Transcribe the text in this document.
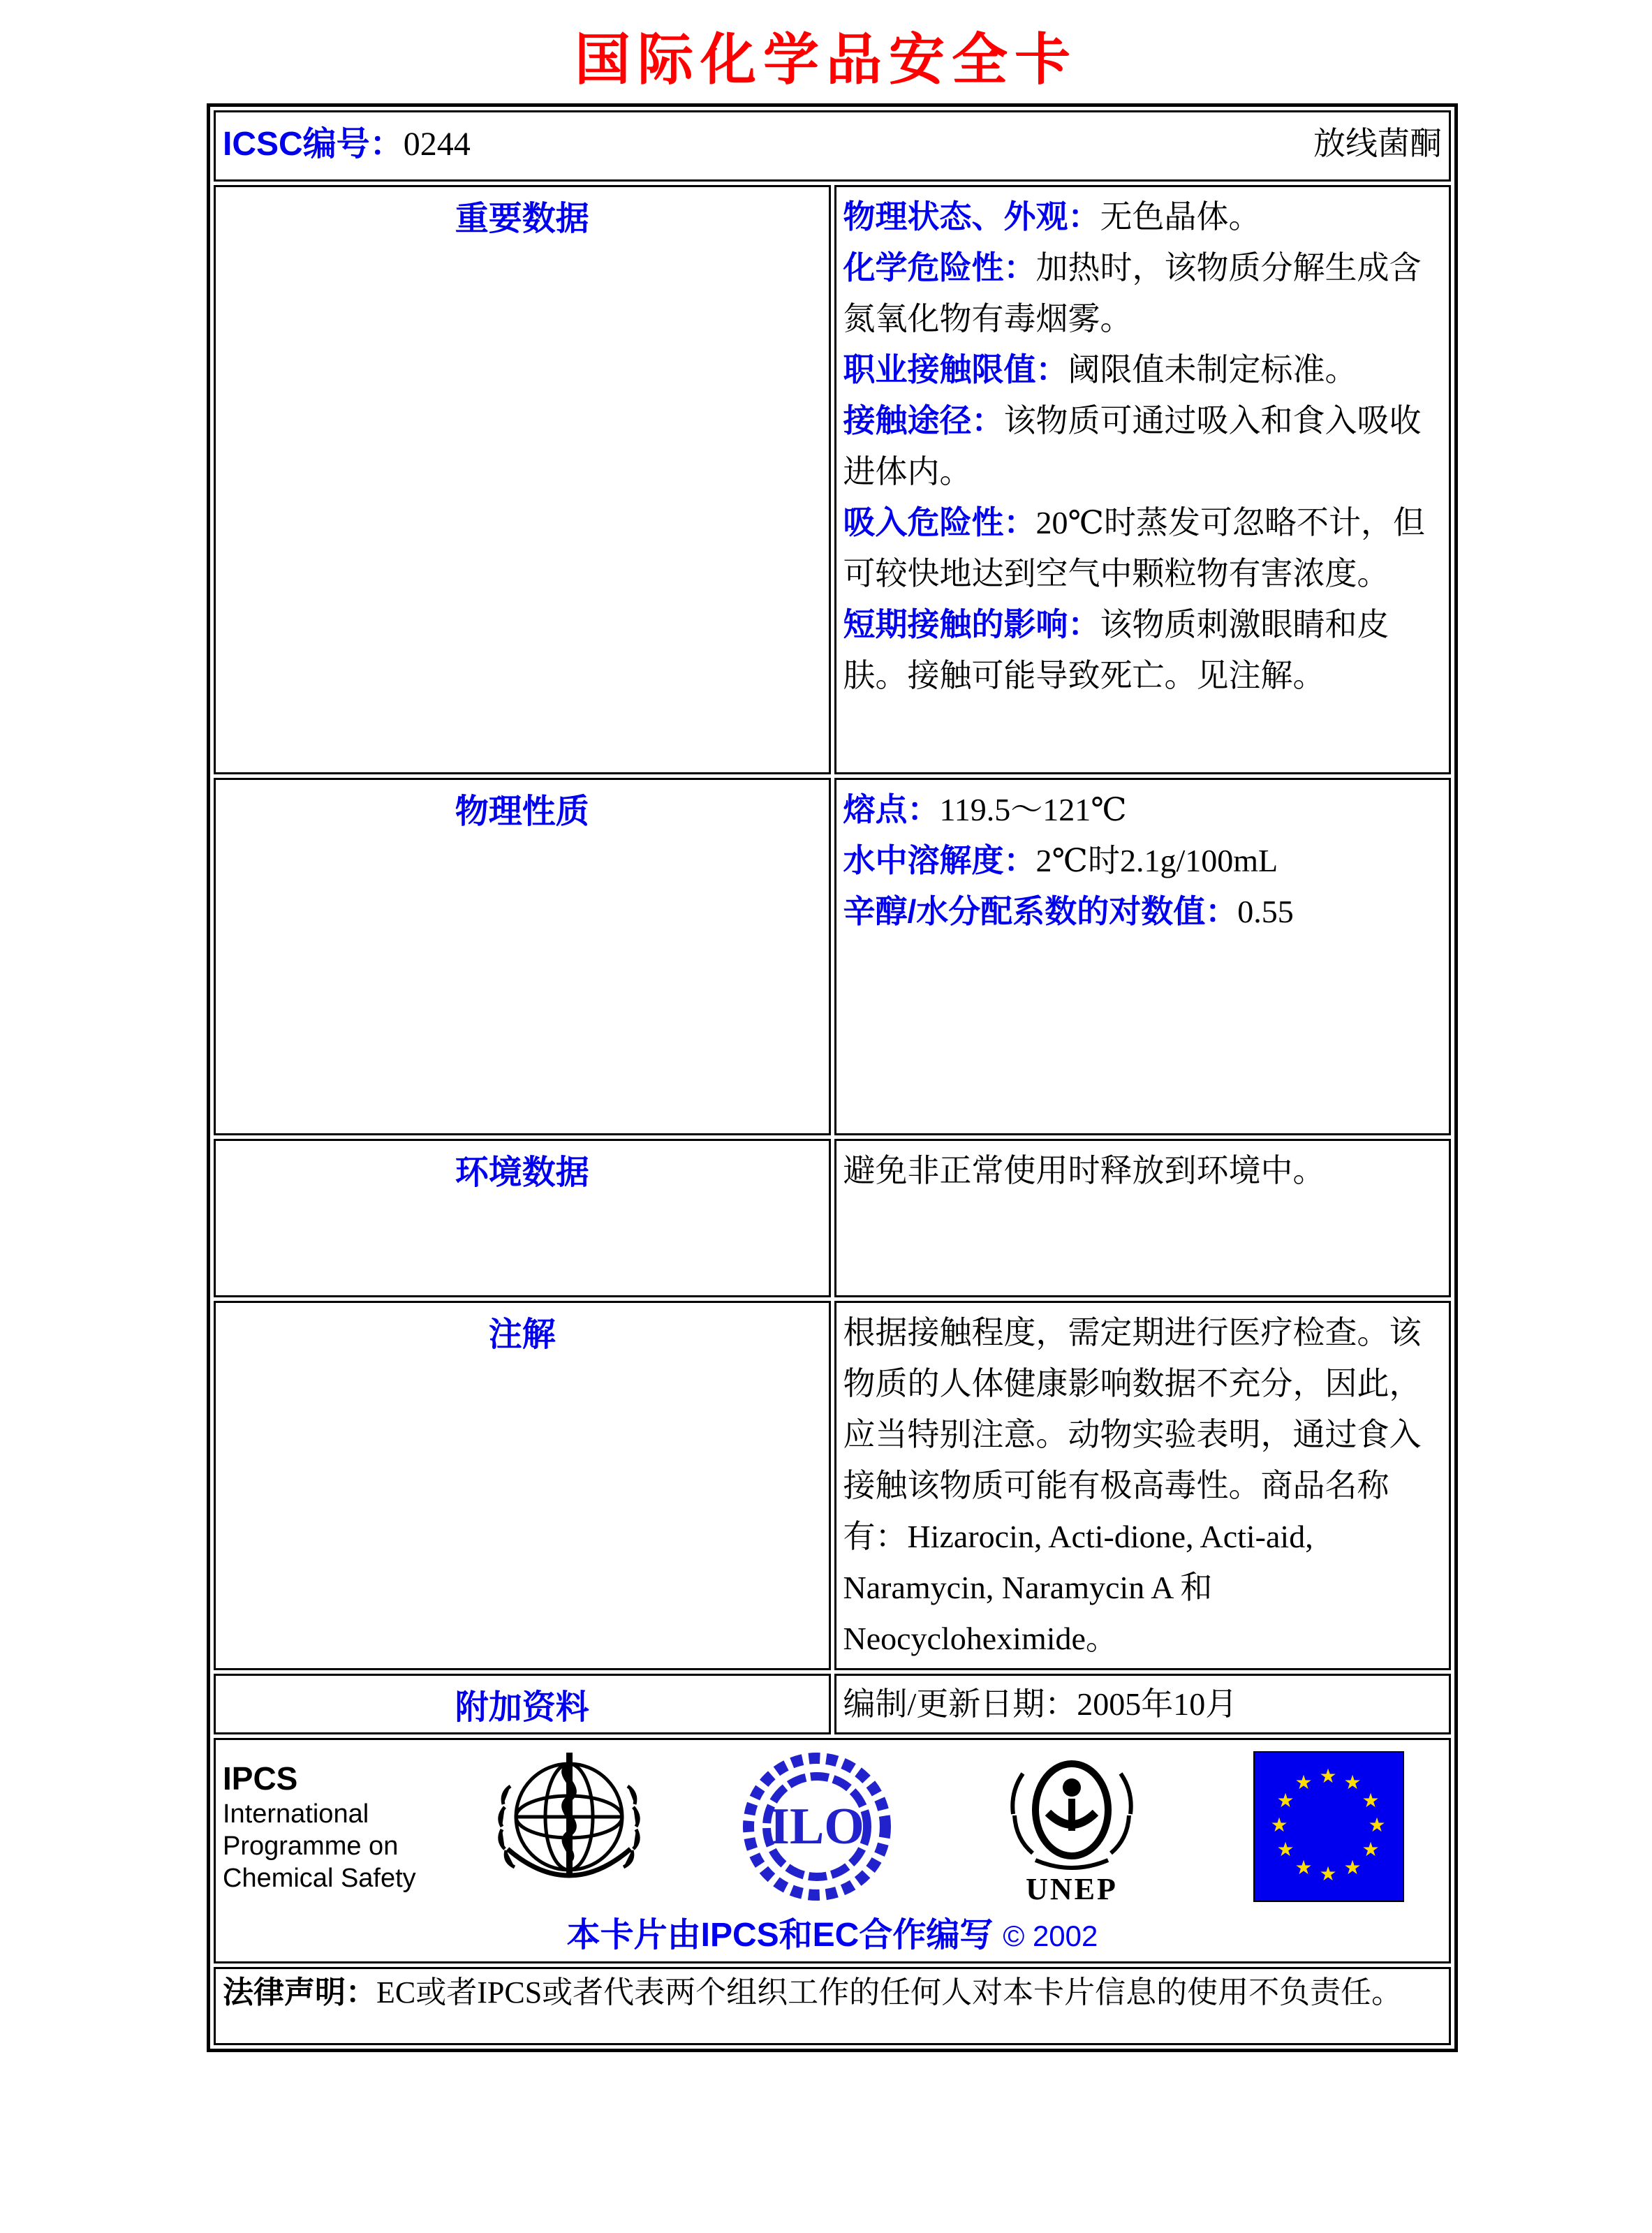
国际化学品安全卡
ICSC编号：0244 放线菌酮	

重要数据	物理状态、外观：无色晶体。
化学危险性：加热时，该物质分解生成含氮氧化物有毒烟雾。
职业接触限值：阈限值未制定标准。
接触途径：该物质可通过吸入和食入吸收进体内。
吸入危险性：20℃时蒸发可忽略不计，但可较快地达到空气中颗粒物有害浓度。
短期接触的影响：该物质刺激眼睛和皮肤。接触可能导致死亡。见注解。

物理性质	熔点：119.5～121℃
水中溶解度：2℃时2.1g/100mL
辛醇/水分配系数的对数值：0.55

环境数据	避免非正常使用时释放到环境中。

注解	根据接触程度，需定期进行医疗检查。该物质的人体健康影响数据不充分，因此，应当特别注意。动物实验表明，通过食入接触该物质可能有极高毒性。商品名称有：Hizarocin, Acti-dione, Acti-aid, Naramycin, Naramycin A 和 Neocycloheximide。

附加资料	编制/更新日期：2005年10月

IPCS
International
Programme on
Chemical Safety
ILO
UNEP
★
★
★
★
★
★
★
★
★
★
★
★
本卡片由IPCS和EC合作编写 © 2002

法律声明：EC或者IPCS或者代表两个组织工作的任何人对本卡片信息的使用不负责任。	
